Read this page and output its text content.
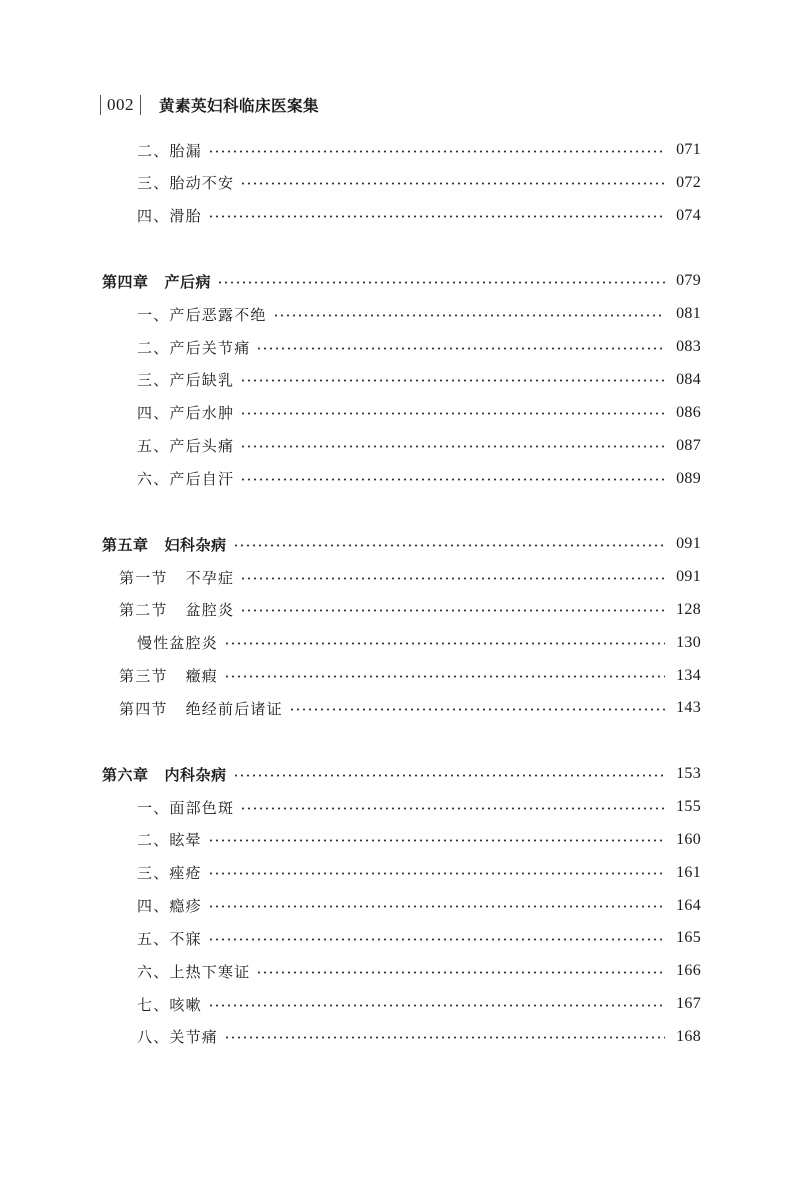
002 黄素英妇科临床医案集
二、胎漏	071
三、胎动不安	072
四、滑胎	074
第四章 产后病	079
一、产后恶露不绝	081
二、产后关节痛	083
三、产后缺乳	084
四、产后水肿	086
五、产后头痛	087
六、产后自汗	089
第五章 妇科杂病	091
第一节 不孕症	091
第二节 盆腔炎	128
慢性盆腔炎	130
第三节 癥瘕	134
第四节 绝经前后诸证	143
第六章 内科杂病	153
一、面部色斑	155
二、眩晕	160
三、痤疮	161
四、瘾疹	164
五、不寐	165
六、上热下寒证	166
七、咳嗽	167
八、关节痛	168
